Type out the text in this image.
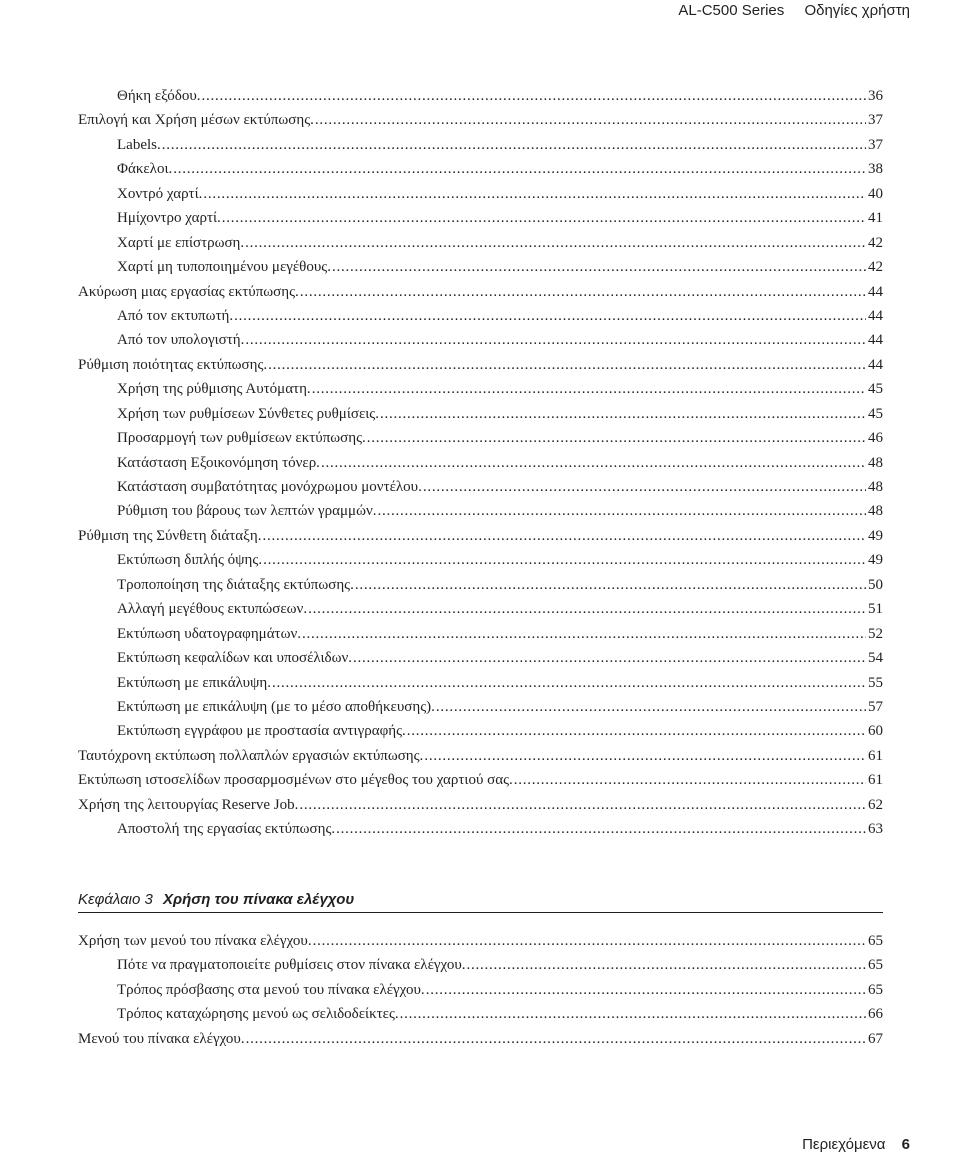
AL-C500 Series Οδηγίες χρήστη
Θήκη εξόδου. . . .	36
Επιλογή και Χρήση μέσων εκτύπωσης. . . .	37
Labels. . . .	37
Φάκελοι. . . .	38
Χοντρό χαρτί. . . .	40
Ημίχοντρο χαρτί. . . .	41
Χαρτί με επίστρωση. . . .	42
Χαρτί μη τυποποιημένου μεγέθους. . . .	42
Ακύρωση μιας εργασίας εκτύπωσης. . . .	44
Από τον εκτυπωτή. . . .	44
Από τον υπολογιστή. . . .	44
Ρύθμιση ποιότητας εκτύπωσης. . . .	44
Χρήση της ρύθμισης Αυτόματη. . . .	45
Χρήση των ρυθμίσεων Σύνθετες ρυθμίσεις. . . .	45
Προσαρμογή των ρυθμίσεων εκτύπωσης. . . .	46
Κατάσταση Εξοικονόμηση τόνερ. . . .	48
Κατάσταση συμβατότητας μονόχρωμου μοντέλου. . . .	48
Ρύθμιση του βάρους των λεπτών γραμμών. . . .	48
Ρύθμιση της Σύνθετη διάταξη. . . .	49
Εκτύπωση διπλής όψης. . . .	49
Τροποποίηση της διάταξης εκτύπωσης. . . .	50
Αλλαγή μεγέθους εκτυπώσεων. . . .	51
Εκτύπωση υδατογραφημάτων. . . .	52
Εκτύπωση κεφαλίδων και υποσέλιδων. . . .	54
Εκτύπωση με επικάλυψη. . . .	55
Εκτύπωση με επικάλυψη (με το μέσο αποθήκευσης). . . .	57
Εκτύπωση εγγράφου με προστασία αντιγραφής. . . .	60
Ταυτόχρονη εκτύπωση πολλαπλών εργασιών εκτύπωσης. . . .	61
Εκτύπωση ιστοσελίδων προσαρμοσμένων στο μέγεθος του χαρτιού σας. . . .	61
Χρήση της λειτουργίας Reserve Job. . . .	62
Αποστολή της εργασίας εκτύπωσης. . . .	63
Κεφάλαιο 3 Χρήση του πίνακα ελέγχου
Χρήση των μενού του πίνακα ελέγχου. . . .	65
Πότε να πραγματοποιείτε ρυθμίσεις στον πίνακα ελέγχου. . . .	65
Τρόπος πρόσβασης στα μενού του πίνακα ελέγχου. . . .	65
Τρόπος καταχώρησης μενού ως σελιδοδείκτες. . . .	66
Μενού του πίνακα ελέγχου. . . .	67
Περιεχόμενα 6
